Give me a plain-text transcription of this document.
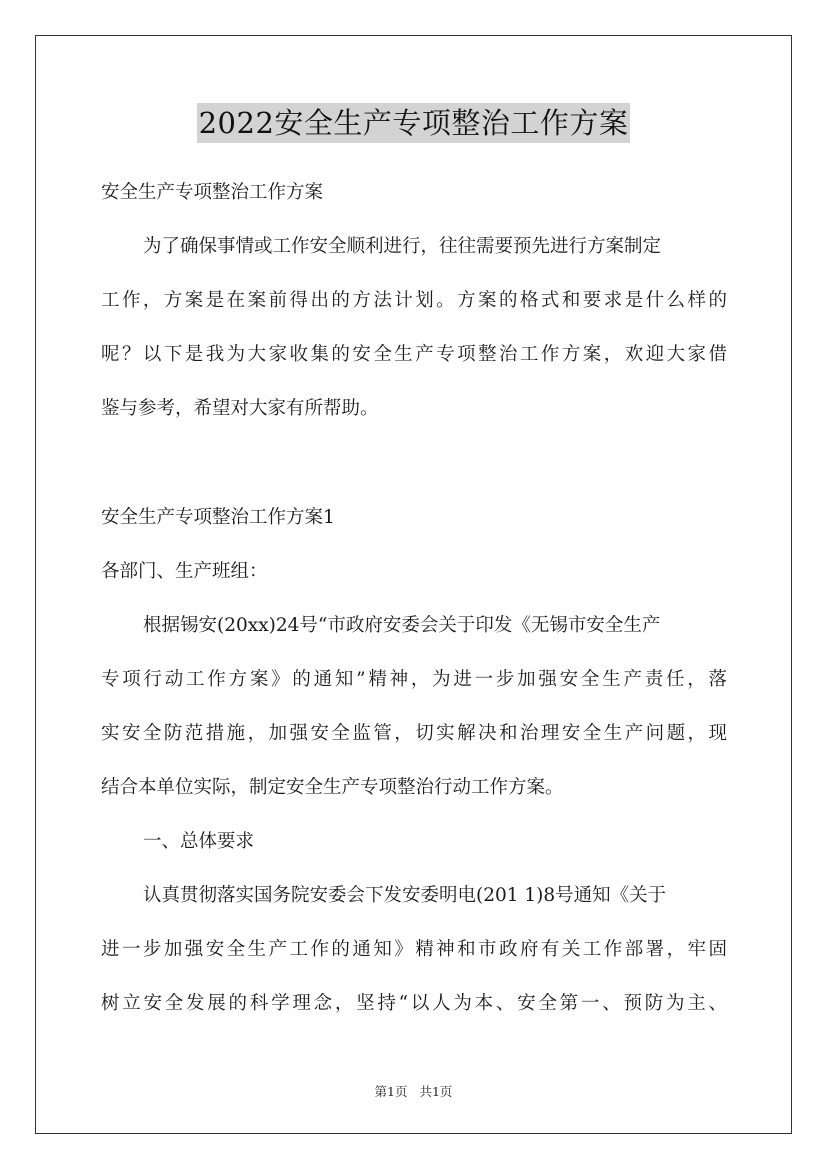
2022安全生产专项整治工作方案
安全生产专项整治工作方案
为了确保事情或工作安全顺利进行，往往需要预先进行方案制定
工作，方案是在案前得出的方法计划。方案的格式和要求是什么样的
呢？以下是我为大家收集的安全生产专项整治工作方案，欢迎大家借
鉴与参考，希望对大家有所帮助。
安全生产专项整治工作方案1
各部门、生产班组：
根据锡安(20xx)24号“市政府安委会关于印发《无锡市安全生产
专项行动工作方案》的通知”精神，为进一步加强安全生产责任，落
实安全防范措施，加强安全监管，切实解决和治理安全生产问题，现
结合本单位实际，制定安全生产专项整治行动工作方案。
一、总体要求
认真贯彻落实国务院安委会下发安委明电(201 1)8号通知《关于
进一步加强安全生产工作的通知》精神和市政府有关工作部署，牢固
树立安全发展的科学理念，坚持“以人为本、安全第一、预防为主、
第1页 共1页
